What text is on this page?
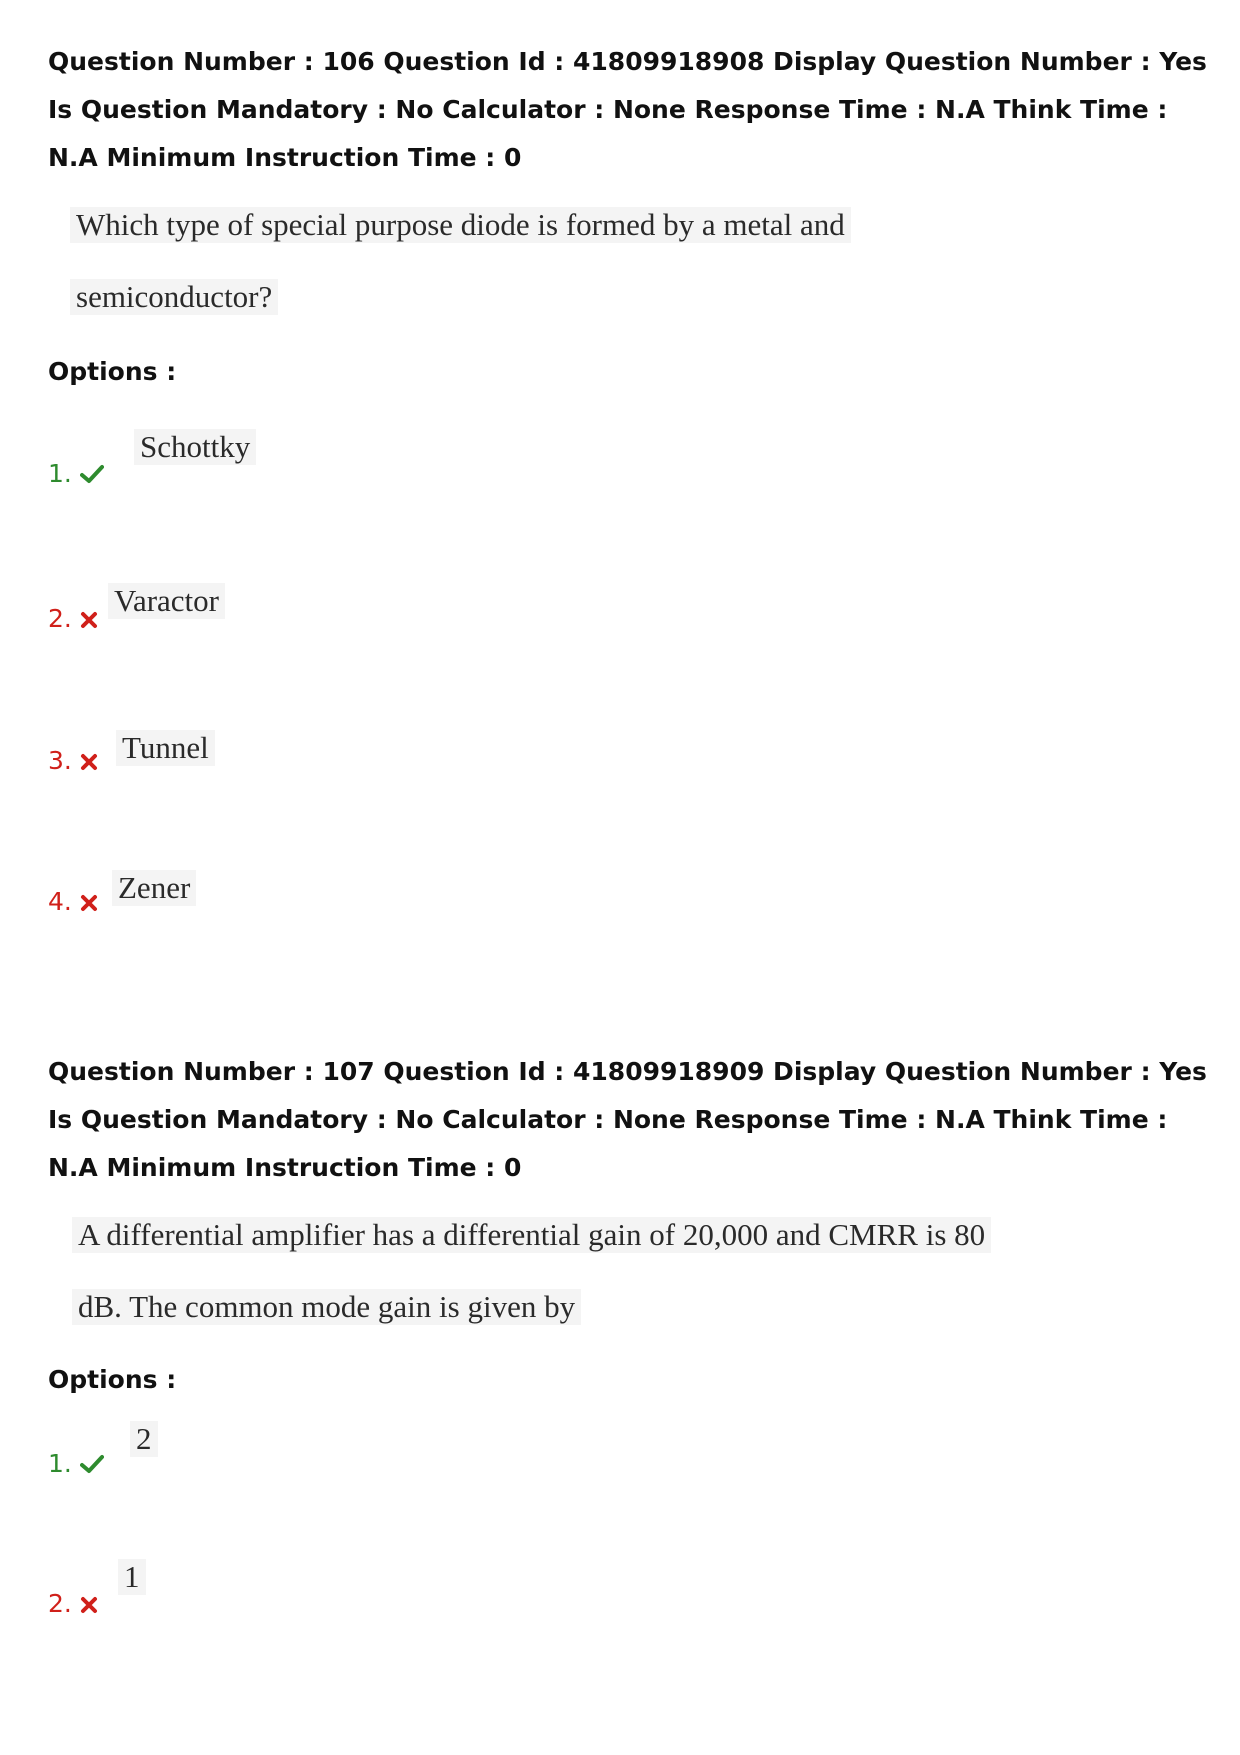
Question Number : 106 Question Id : 41809918908 Display Question Number : Yes Is Question Mandatory : No Calculator : None Response Time : N.A Think Time : N.A Minimum Instruction Time : 0
Which type of special purpose diode is formed by a metal and
semiconductor?
Options :
1.
Schottky
2.
Varactor
3.	Tunnel
4.	Zener
Question Number : 107 Question Id : 41809918909 Display Question Number : Yes Is Question Mandatory : No Calculator : None Response Time : N.A Think Time : N.A Minimum Instruction Time : 0
A differential amplifier has a differential gain of 20,000 and CMRR is 80
dB. The common mode gain is given by
Options :
1.
2
2.
1
